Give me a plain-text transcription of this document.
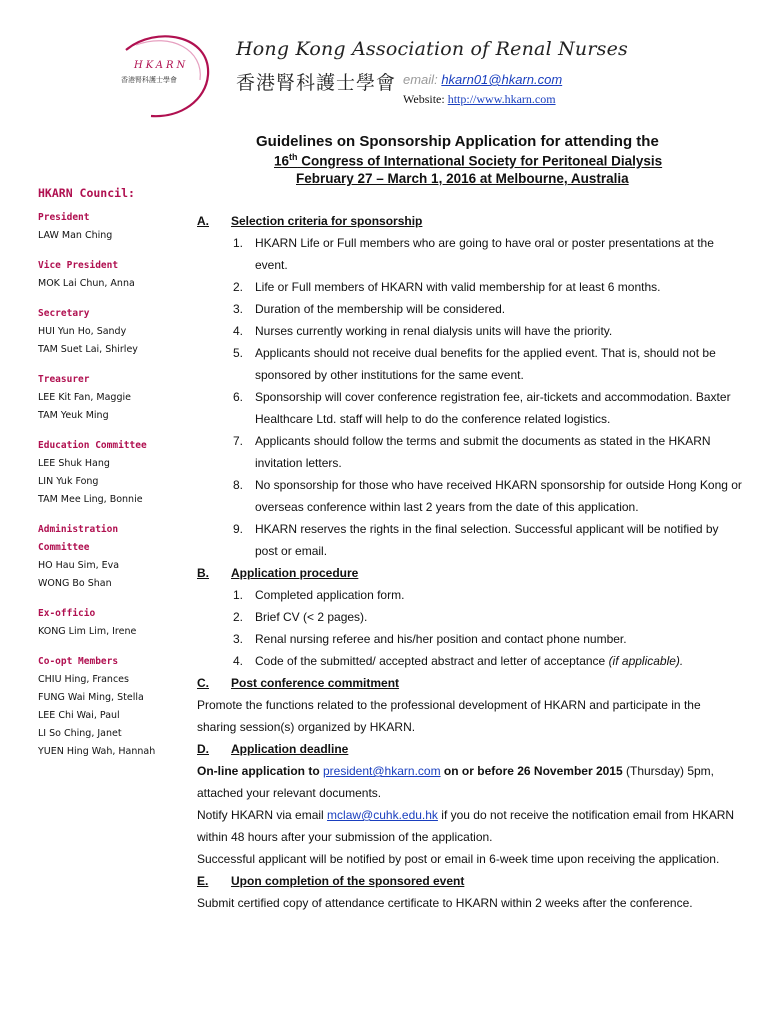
HKARN
香港腎科護士學會
Hong Kong Association of Renal Nurses
香港腎科護士學會 email: hkarn01@hkarn.com
Website: http://www.hkarn.com
Guidelines on Sponsorship Application for attending the
16th Congress of International Society for Peritoneal Dialysis
February 27 – March 1, 2016 at Melbourne, Australia
HKARN Council:
President
LAW Man Ching
Vice President
MOK Lai Chun, Anna
Secretary
HUI Yun Ho, Sandy
TAM Suet Lai, Shirley
Treasurer
LEE Kit Fan, Maggie
TAM Yeuk Ming
Education Committee
LEE Shuk Hang
LIN Yuk Fong
TAM Mee Ling, Bonnie
Administration
Committee
HO Hau Sim, Eva
WONG Bo Shan
Ex-officio
KONG Lim Lim, Irene
Co-opt Members
CHIU Hing, Frances
FUNG Wai Ming, Stella
LEE Chi Wai, Paul
LI So Ching, Janet
YUEN Hing Wah, Hannah
A.	Selection criteria for sponsorship
1.	HKARN Life or Full members who are going to have oral or poster presentations at the event.
2.	Life or Full members of HKARN with valid membership for at least 6 months.
3.	Duration of the membership will be considered.
4.	Nurses currently working in renal dialysis units will have the priority.
5.	Applicants should not receive dual benefits for the applied event. That is, should not be sponsored by other institutions for the same event.
6.	Sponsorship will cover conference registration fee, air-tickets and accommodation. Baxter Healthcare Ltd. staff will help to do the conference related logistics.
7.	Applicants should follow the terms and submit the documents as stated in the HKARN invitation letters.
8.	No sponsorship for those who have received HKARN sponsorship for outside Hong Kong or overseas conference within last 2 years from the date of this application.
9.	HKARN reserves the rights in the final selection. Successful applicant will be notified by post or email.
B.	Application procedure
1.	Completed application form.
2.	Brief CV (< 2 pages).
3.	Renal nursing referee and his/her position and contact phone number.
4.	Code of the submitted/ accepted abstract and letter of acceptance (if applicable).
C.	Post conference commitment

Promote the functions related to the professional development of HKARN and participate in the sharing session(s) organized by HKARN.

D.	Application deadline

On-line application to president@hkarn.com on or before 26 November 2015 (Thursday) 5pm, attached your relevant documents.

Notify HKARN via email mclaw@cuhk.edu.hk if you do not receive the notification email from HKARN within 48 hours after your submission of the application.

Successful applicant will be notified by post or email in 6-week time upon receiving the application.

E.	Upon completion of the sponsored event

Submit certified copy of attendance certificate to HKARN within 2 weeks after the conference.
